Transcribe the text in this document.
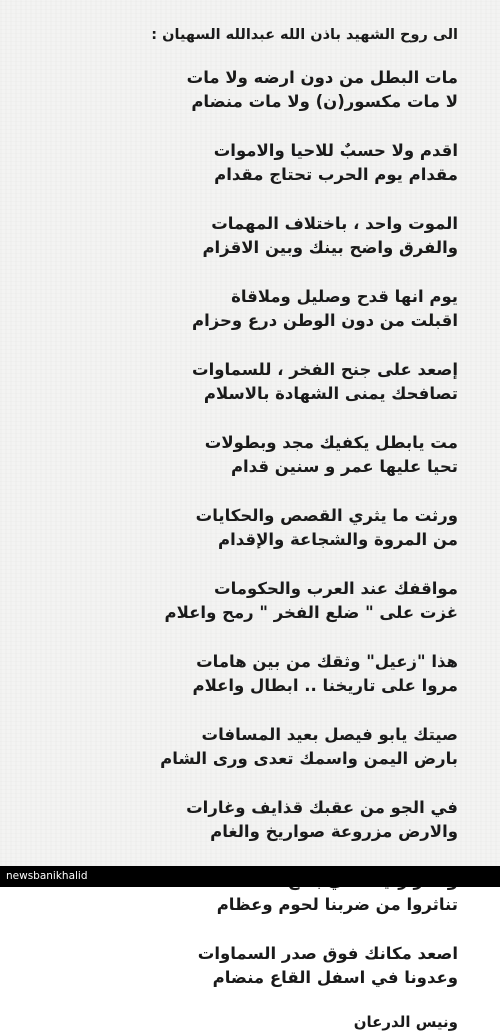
الى روح الشهيد باذن الله عبدالله السهيان :
مات البطل من دون ارضه ولا مات
لا مات مكسور(ن) ولا مات منضام
اقدم ولا حسبٌ للاحيا والاموات
مقدام يوم الحرب تحتاج مقدام
الموت واحد ، باختلاف المهمات
والفرق واضح بينك وبين الاقزام
يوم انها قدح وصليل وملاقاة
اقبلت من دون الوطن درع وحزام
إصعد على جنح الفخر ، للسماوات
تصافحك يمنى الشهادة بالاسلام
مت يابطل يكفيك مجد وبطولات
تحيا عليها عمر و سنين قدام
ورثت ما يثري القصص والحكايات
من المروة والشجاعة والإقدام
مواقفك عند العرب والحكومات
غزت على " ضلع الفخر " رمح واعلام
هذا "زعيل" وثقك من بين هامات
مروا على تاريخنا .. ابطال واعلام
صيتك يابو فيصل بعيد المسافات
بارض اليمن واسمك تعدى ورى الشام
في الجو من عقبك قذايف وغارات
والارض مزروعة صواريخ والغام
تناثروا من ضربنا لحوم وعظام
اصعد مكانك فوق صدر السماوات
وعدونا في اسفل القاع منضام
ونيس الدرعان
newsbanikhalid
